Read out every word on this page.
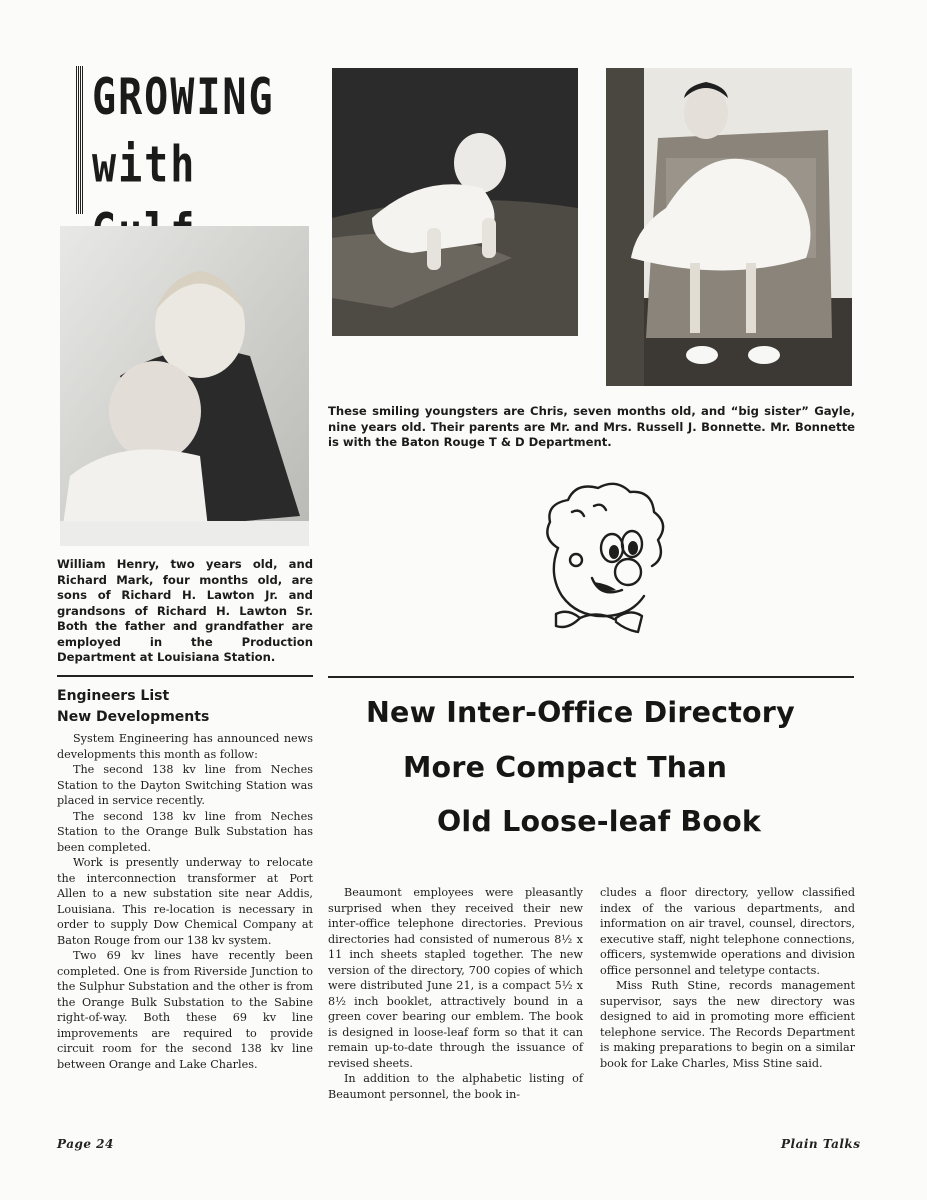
GROWING with
These smiling youngsters are Chris, seven months old, and “big sister” Gayle, nine years old. Their parents are Mr. and Mrs. Russell J. Bonnette. Mr. Bonnette is with the Baton Rouge T & D Department.
William Henry, two years old, and Richard Mark, four months old, are sons of Richard H. Lawton Jr. and grandsons of Richard H. Lawton Sr. Both the father and grandfather are employed in the Production Department at Louisiana Station.
Engineers List
New Developments

System Engineering has announced news developments this month as follow:

The second 138 kv line from Neches Station to the Dayton Switching Station was placed in service recently.

The second 138 kv line from Neches Station to the Orange Bulk Substation has been completed.

Work is presently underway to relocate the interconnection transformer at Port Allen to a new substation site near Addis, Louisiana. This re-location is necessary in order to supply Dow Chemical Company at Baton Rouge from our 138 kv system.

Two 69 kv lines have recently been completed. One is from Riverside Junction to the Sulphur Substation and the other is from the Orange Bulk Substation to the Sabine right-of-way. Both these 69 kv line improvements are required to provide circuit room for the second 138 kv line between Orange and Lake Charles.

New Inter-Office Directory
More Compact Than
Old Loose-leaf Book

Beaumont employees were pleasantly surprised when they received their new inter-office telephone directories. Previous directories had consisted of numerous 8½ x 11 inch sheets stapled together. The new version of the directory, 700 copies of which were distributed June 21, is a compact 5½ x 8½ inch booklet, attractively bound in a green cover bearing our emblem. The book is designed in loose-leaf form so that it can remain up-to-date through the issuance of revised sheets.

In addition to the alphabetic listing of Beaumont personnel, the book in-

cludes a floor directory, yellow classified index of the various departments, and information on air travel, counsel, directors, executive staff, night telephone connections, officers, systemwide operations and division office personnel and teletype contacts.

Miss Ruth Stine, records management supervisor, says the new directory was designed to aid in promoting more efficient telephone service. The Records Department is making preparations to begin on a similar book for Lake Charles, Miss Stine said.

Page 24	Plain Talks
